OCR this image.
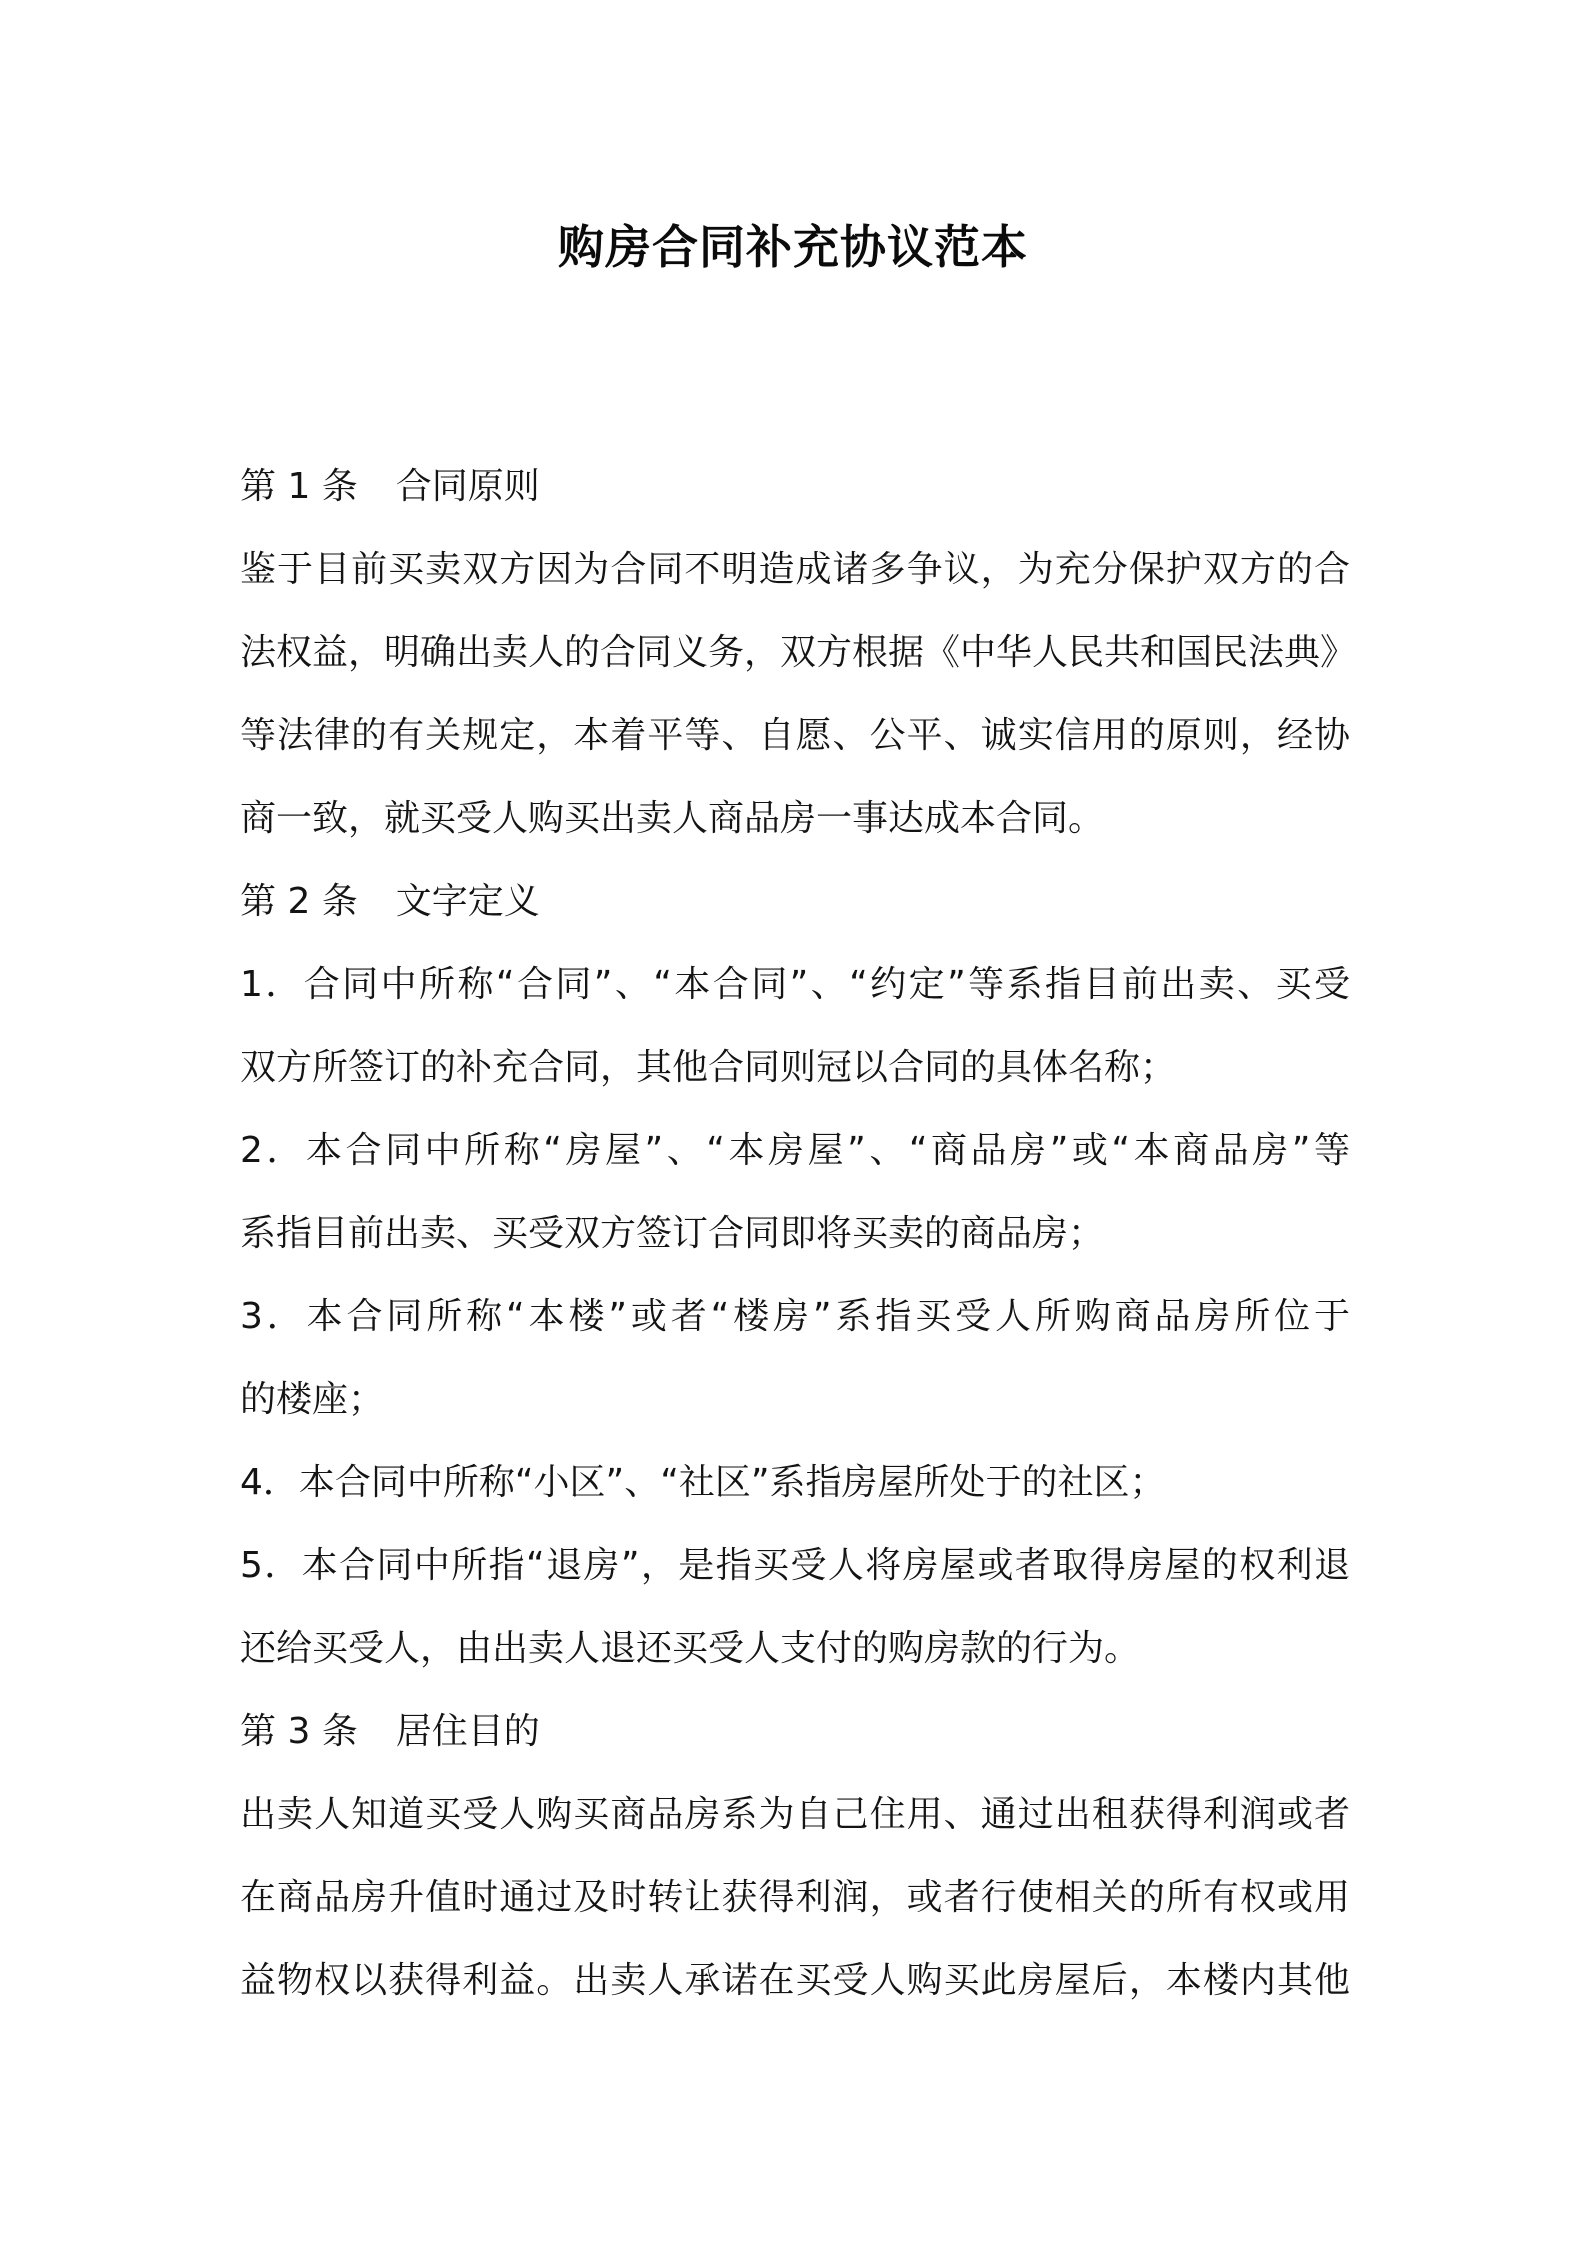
购房合同补充协议范本
第 1 条 合同原则
鉴于目前买卖双方因为合同不明造成诸多争议，为充分保护双方的合
法权益，明确出卖人的合同义务，双方根据《中华人民共和国民法典》
等法律的有关规定，本着平等、自愿、公平、诚实信用的原则，经协
商一致，就买受人购买出卖人商品房一事达成本合同。
第 2 条 文字定义
1．合同中所称“合同”、“本合同”、“约定”等系指目前出卖、买受
双方所签订的补充合同，其他合同则冠以合同的具体名称；
2．本合同中所称“房屋”、“本房屋”、“商品房”或“本商品房”等
系指目前出卖、买受双方签订合同即将买卖的商品房；
3．本合同所称“本楼”或者“楼房”系指买受人所购商品房所位于
的楼座；
4．本合同中所称“小区”、“社区”系指房屋所处于的社区；
5．本合同中所指“退房”，是指买受人将房屋或者取得房屋的权利退
还给买受人，由出卖人退还买受人支付的购房款的行为。
第 3 条 居住目的
出卖人知道买受人购买商品房系为自己住用、通过出租获得利润或者
在商品房升值时通过及时转让获得利润，或者行使相关的所有权或用
益物权以获得利益。出卖人承诺在买受人购买此房屋后，本楼内其他
